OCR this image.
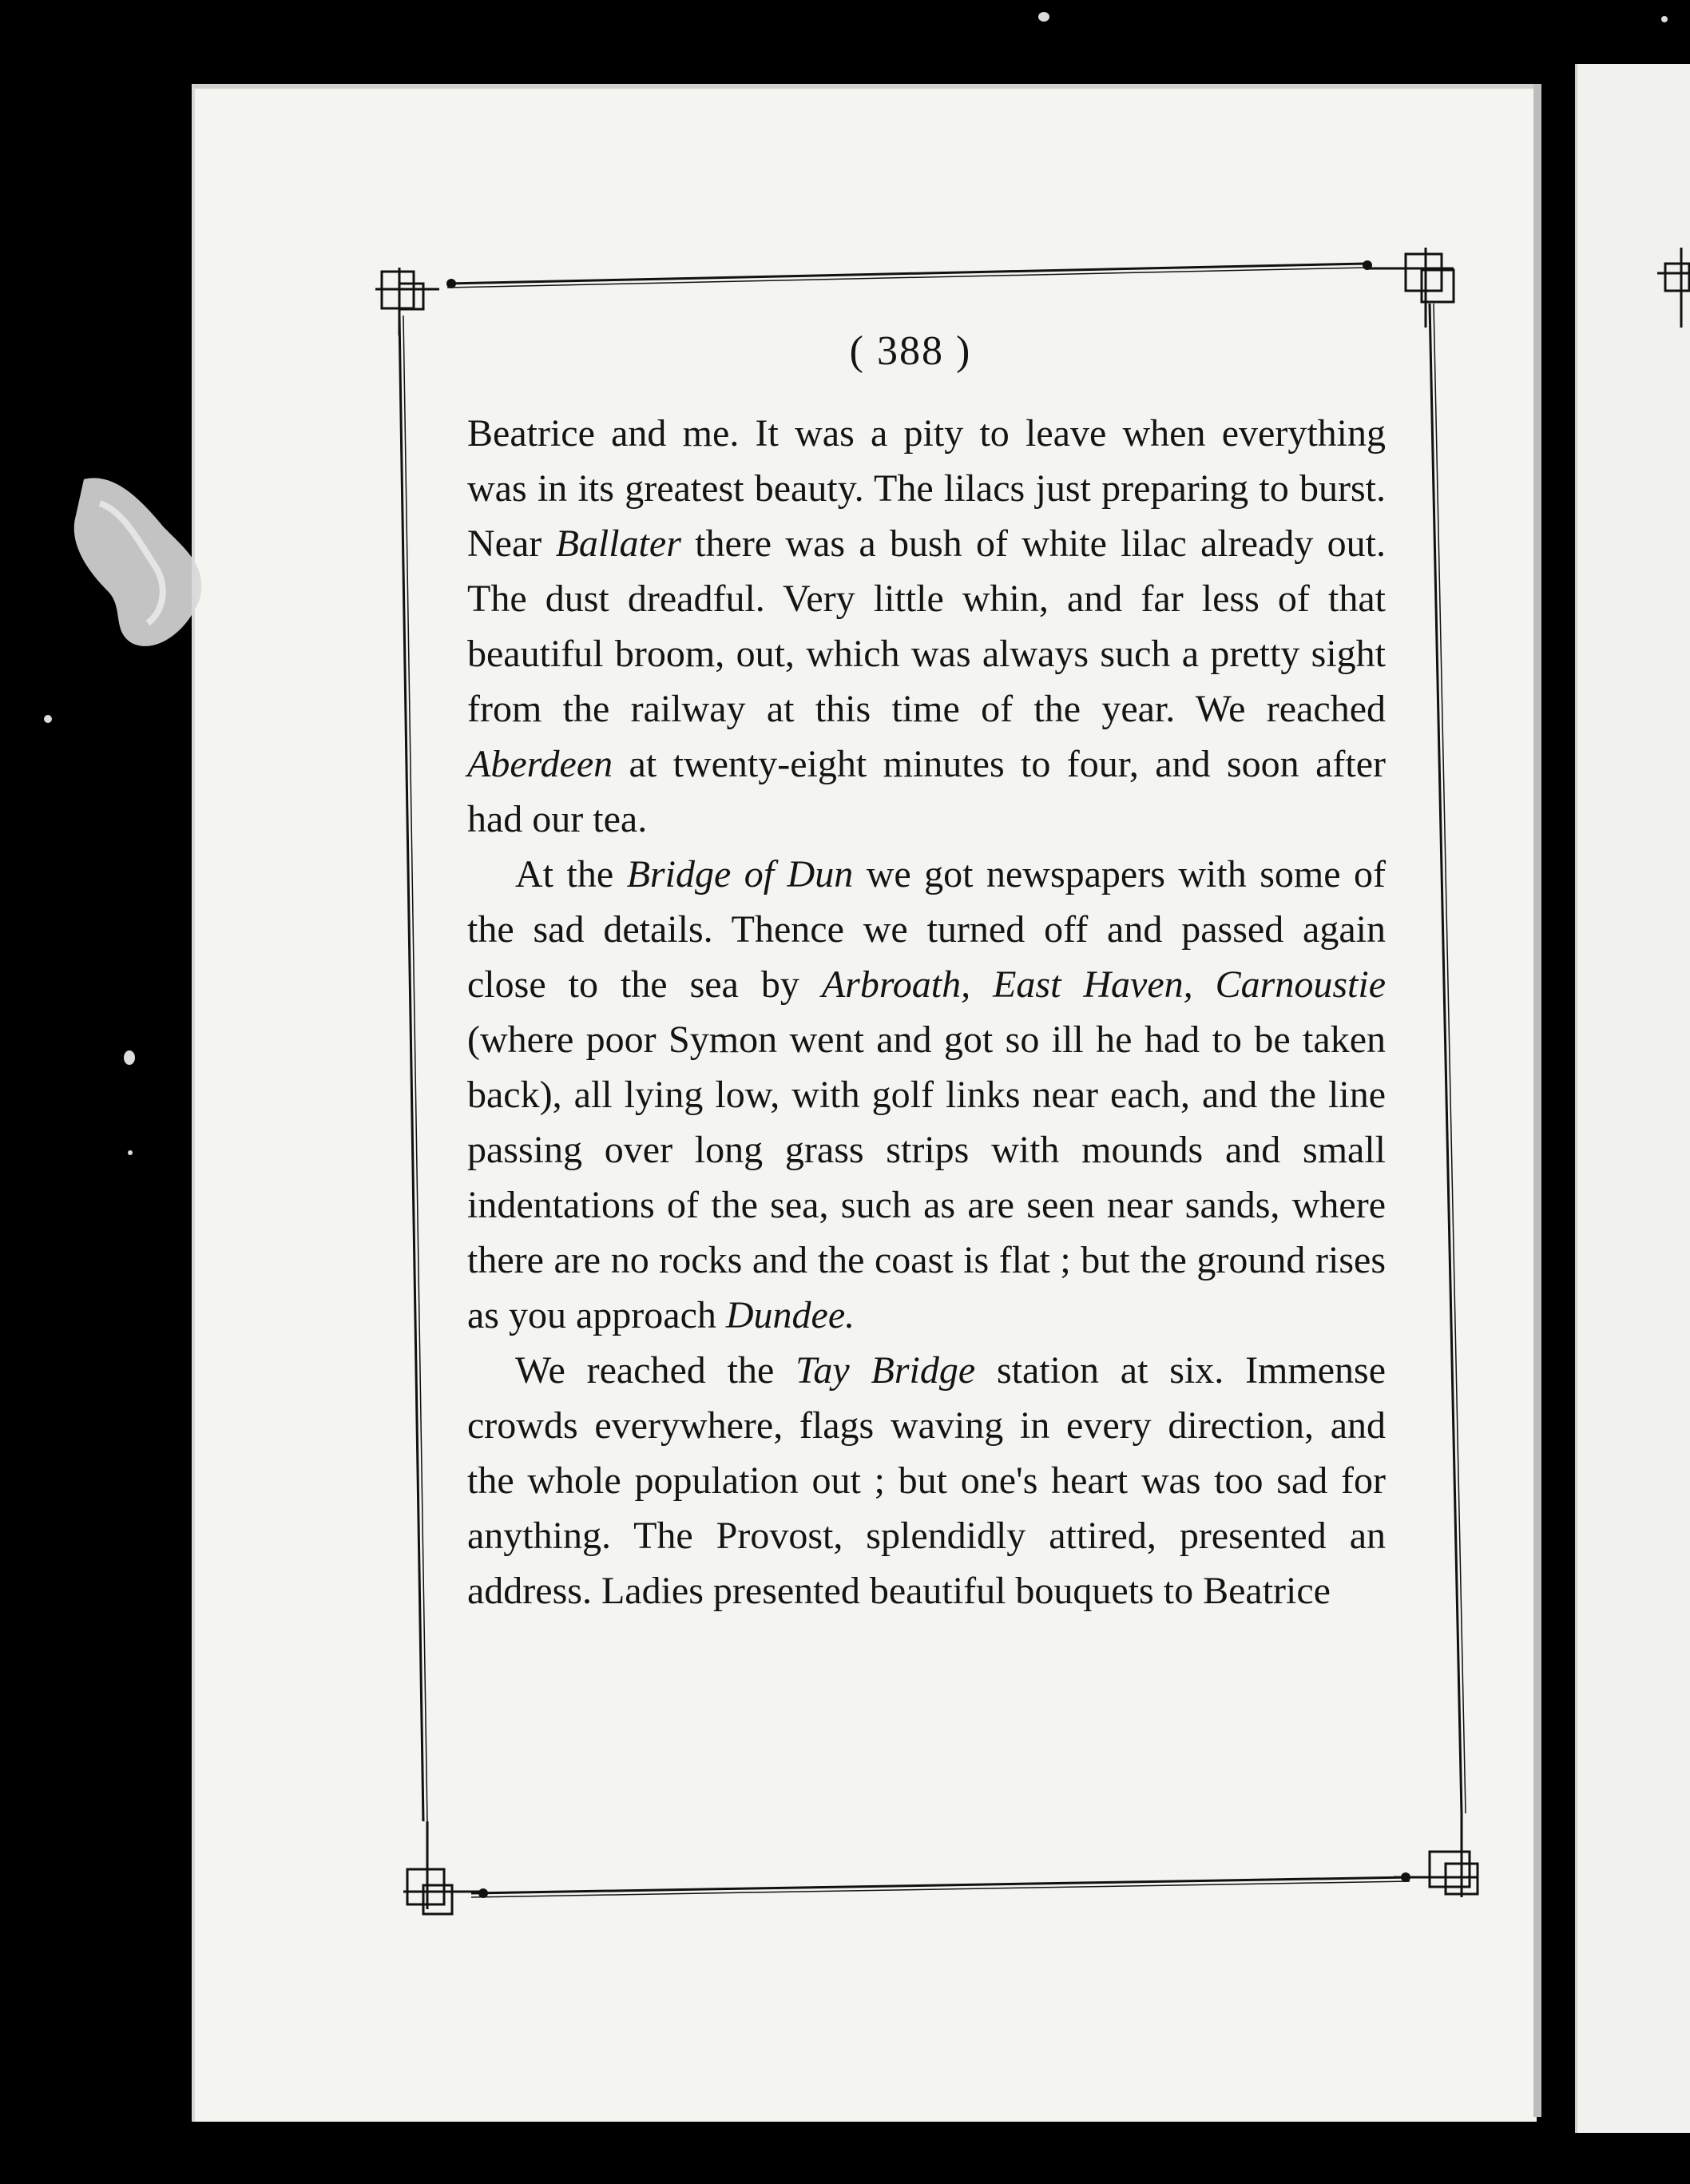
( 388 )

Beatrice and me. It was a pity to leave when everything was in its greatest beauty. The lilacs just preparing to burst. Near Ballater there was a bush of white lilac already out. The dust dreadful. Very little whin, and far less of that beautiful broom, out, which was always such a pretty sight from the railway at this time of the year. We reached Aberdeen at twenty-eight minutes to four, and soon after had our tea.

At the Bridge of Dun we got newspapers with some of the sad details. Thence we turned off and passed again close to the sea by Arbroath, East Haven, Carnoustie (where poor Symon went and got so ill he had to be taken back), all lying low, with golf links near each, and the line passing over long grass strips with mounds and small indentations of the sea, such as are seen near sands, where there are no rocks and the coast is flat ; but the ground rises as you approach Dundee.

We reached the Tay Bridge station at six. Immense crowds everywhere, flags waving in every direction, and the whole population out ; but one's heart was too sad for anything. The Provost, splendidly attired, presented an address. Ladies presented beautiful bouquets to Beatrice
